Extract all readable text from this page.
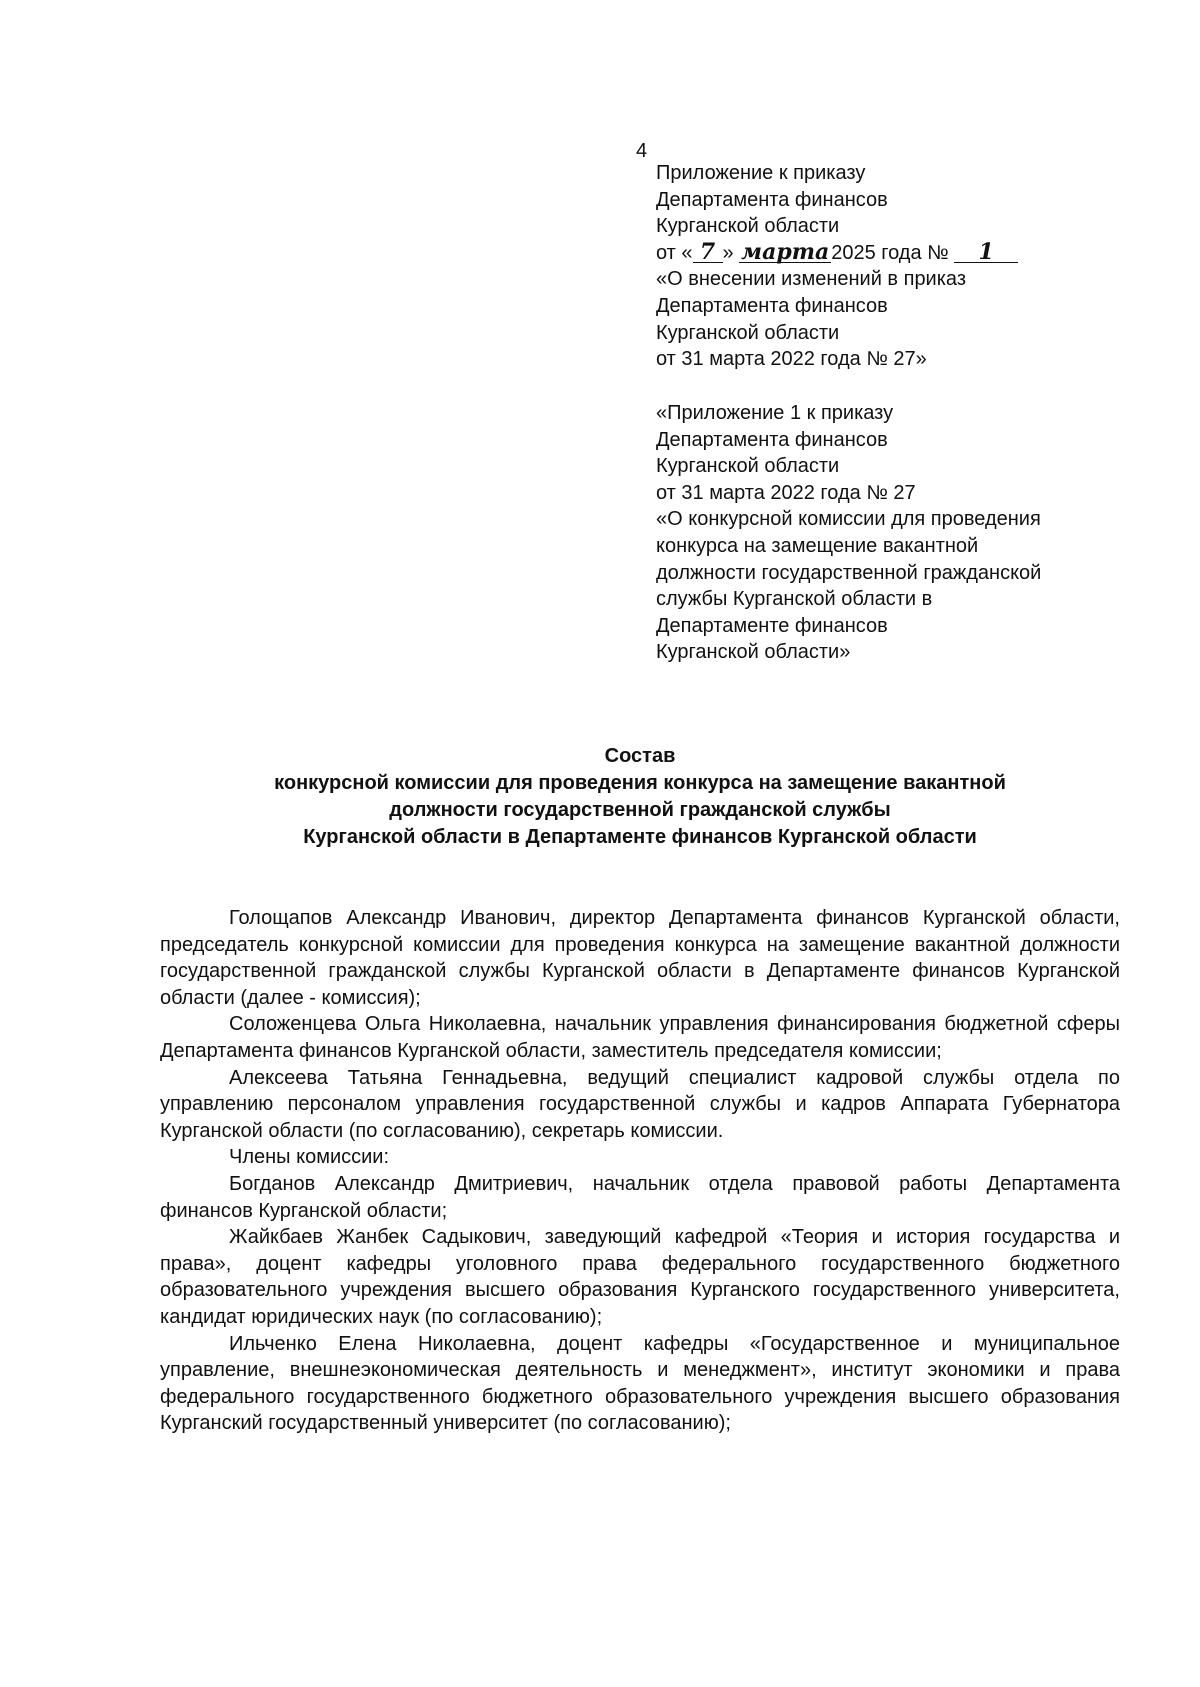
4
Приложение к приказу
Департамента финансов
Курганской области
от « 7 » марта2025 года № 1
«О внесении изменений в приказ
Департамента финансов
Курганской области
от 31 марта 2022 года № 27»
«Приложение 1 к приказу
Департамента финансов
Курганской области
от 31 марта 2022 года № 27
«О конкурсной комиссии для проведения
конкурса на замещение вакантной
должности государственной гражданской
службы Курганской области в
Департаменте финансов
Курганской области»
Состав
конкурсной комиссии для проведения конкурса на замещение вакантной
должности государственной гражданской службы
Курганской области в Департаменте финансов Курганской области

Голощапов Александр Иванович, директор Департамента финансов Курганской области, председатель конкурсной комиссии для проведения конкурса на замещение вакантной должности государственной гражданской службы Курганской области в Департаменте финансов Курганской области (далее - комиссия);

Соложенцева Ольга Николаевна, начальник управления финансирования бюджетной сферы Департамента финансов Курганской области, заместитель председателя комиссии;

Алексеева Татьяна Геннадьевна, ведущий специалист кадровой службы отдела по управлению персоналом управления государственной службы и кадров Аппарата Губернатора Курганской области (по согласованию), секретарь комиссии.

Члены комиссии:

Богданов Александр Дмитриевич, начальник отдела правовой работы Департамента финансов Курганской области;

Жайкбаев Жанбек Садыкович, заведующий кафедрой «Теория и история государства и права», доцент кафедры уголовного права федерального государственного бюджетного образовательного учреждения высшего образования Курганского государственного университета, кандидат юридических наук (по согласованию);

Ильченко Елена Николаевна, доцент кафедры «Государственное и муниципальное управление, внешнеэкономическая деятельность и менеджмент», институт экономики и права федерального государственного бюджетного образовательного учреждения высшего образования Курганский государственный университет (по согласованию);
